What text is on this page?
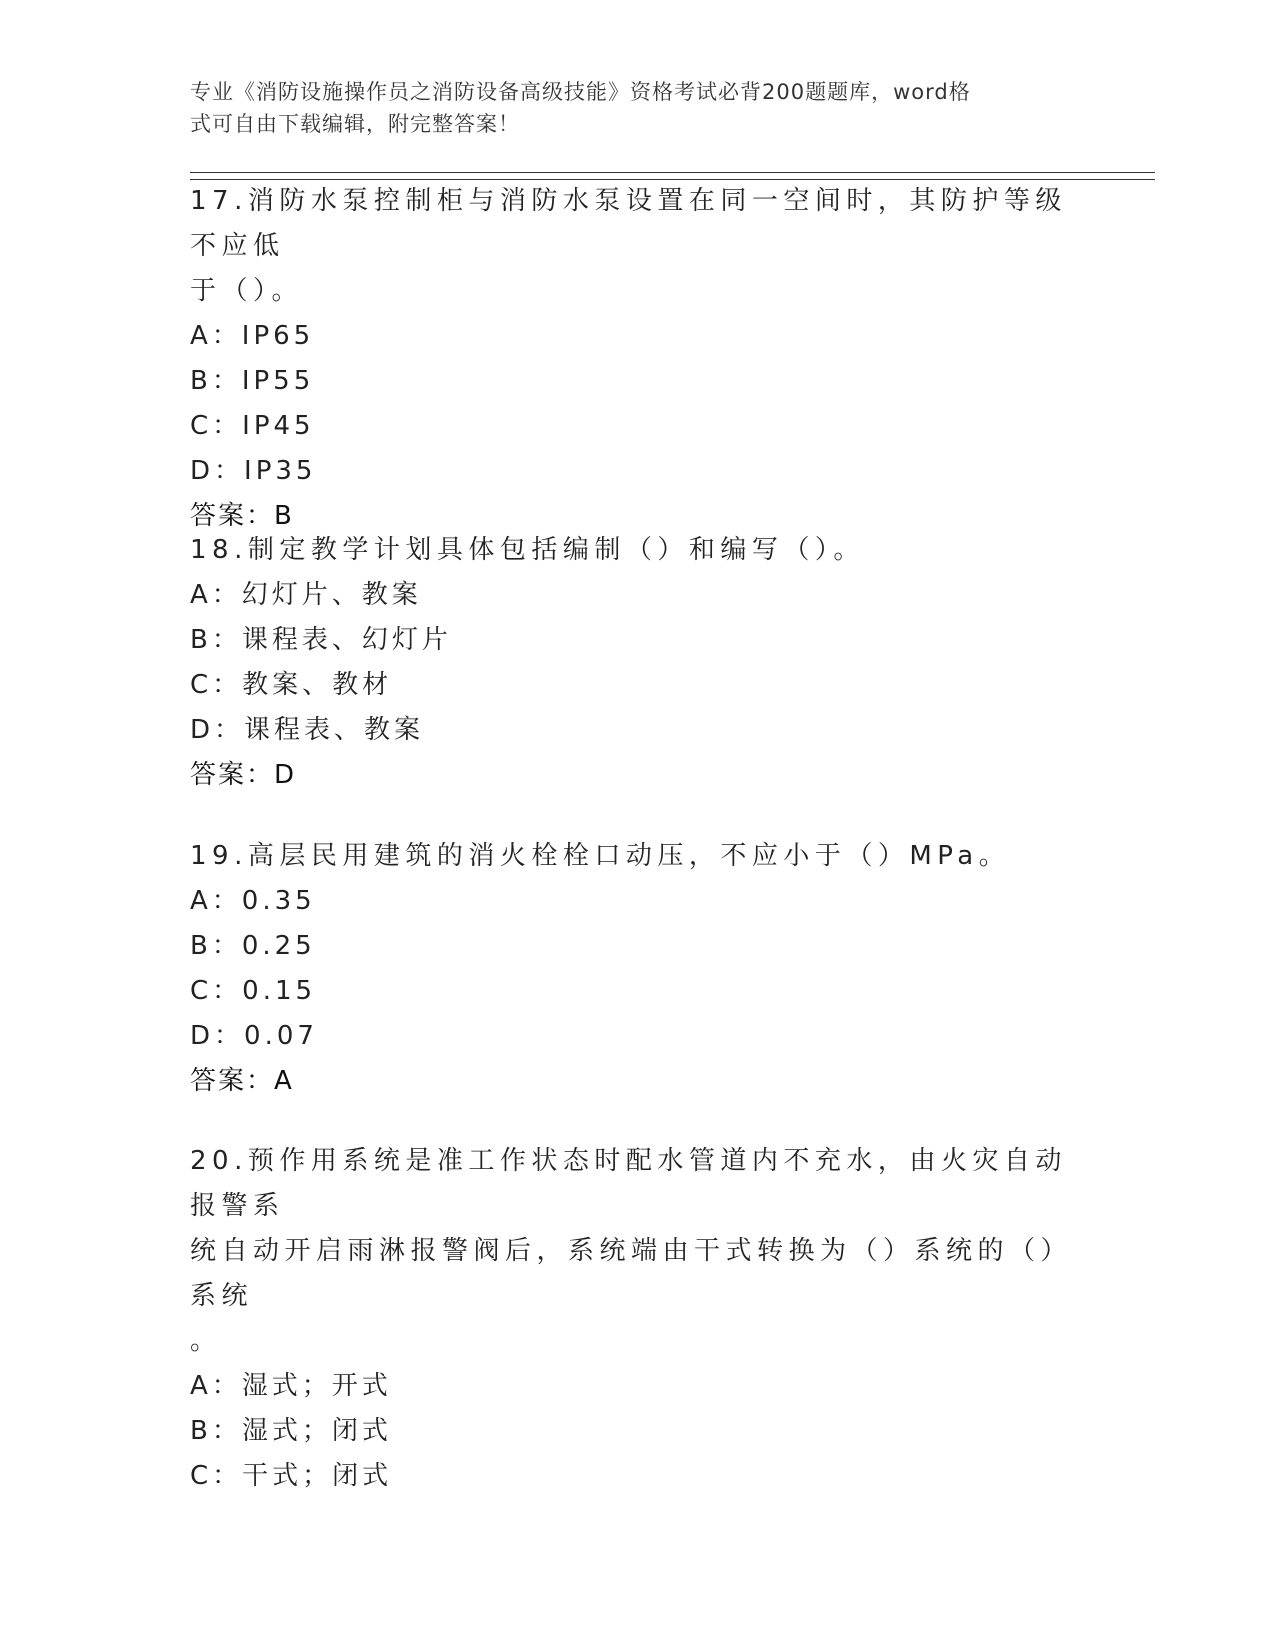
专业《消防设施操作员之消防设备高级技能》资格考试必背200题题库，word格
式可自由下载编辑，附完整答案！
17.消防水泵控制柜与消防水泵设置在同一空间时，其防护等级不应低
于（）。
A：IP65
B：IP55
C：IP45
D：IP35
答案：B
18.制定教学计划具体包括编制（）和编写（）。
A：幻灯片、教案
B：课程表、幻灯片
C：教案、教材
D：课程表、教案
答案：D
19.高层民用建筑的消火栓栓口动压，不应小于（）MPa。
A：0.35
B：0.25
C：0.15
D：0.07
答案：A
20.预作用系统是准工作状态时配水管道内不充水，由火灾自动报警系
统自动开启雨淋报警阀后，系统端由干式转换为（）系统的（）系统
。
A：湿式；开式
B：湿式；闭式
C：干式；闭式
